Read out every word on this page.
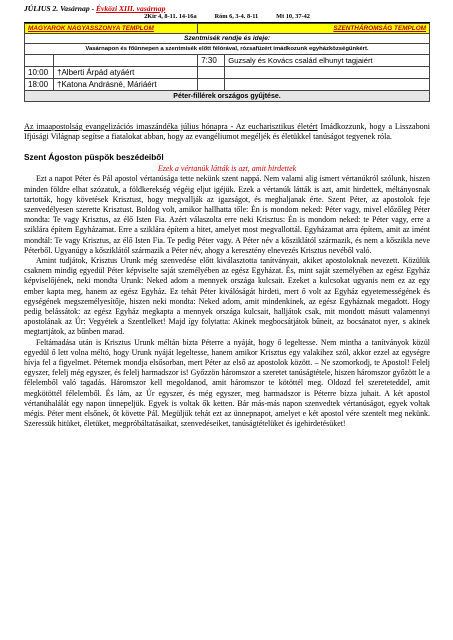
JÚLIUS 2. Vasárnap - Évközi XIII. vasárnap
2Kir 4, 8-11. 14-16a	Róm 6, 3-4. 8-11	Mt 10, 37-42
MAGYAROK NAGYASSZONYA TEMPLOM		SZENTHÁROMSÁG TEMPLOM	
Szentmisék rendje és ideje:			
Vasárnapon és főünnepen a szentmisék előtt félórával, rózsafüzért imádkozunk egyházközségünkért.			
		7:30	Guzsaly és Kovács család elhunyt tagjaiért
10:00	†Alberti Árpád atyáért		
18:00	†Katona Andrásné, Máriáért		
Péter-fillérek országos gyűjtése.			
Az imaapostolság evangelizációs imaszándéka július hónapra - Az eucharisztikus életért Imádkozzunk, hogy a Lisszaboni Ifjúsági Világnap segítse a fiatalokat abban, hogy az evangéliumot megéljék és életükkel tanúságot tegyenek róla.
Szent Ágoston püspök beszédeiből
Ezek a vértanúk látták is azt, amit hirdettek

Ezt a napot Péter és Pál apostol vértanúsága tette nekünk szent nappá. Nem valami alig ismert vértanúkról szólunk, hiszen minden földre elhat szózatuk, a földkerekség végéig eljut igéjük. Ezek a vértanúk látták is azt, amit hirdettek, méltányosnak tartották, hogy követések Krisztust, hogy megvallják az igazságot, és meghaljanak érte. Szent Péter, az apostolok feje szenvedélyesen szerette Krisztust. Boldog volt, amikor hallhatta tőle: Én is mondom neked: Péter vagy, mivel előzőleg Péter mondta: Te vagy Krisztus, az élő Isten Fia. Azért válaszolta erre neki Krisztus: Én is mondom neked: te Péter vagy, erre a sziklára építem Egyházamat. Erre a sziklára építem a hitet, amelyet most megvallottál. Egyházamat arra építem, amit az imént mondtál: Te vagy Krisztus, az élő Isten Fia. Te pedig Péter vagy. A Péter név a kősziklától származik, és nem a kőszikla neve Péterből. Ugyanúgy a kősziklától származik a Péter név, ahogy a keresztény elnevezés Krisztus nevéből való.

Amint tudjátok, Krisztus Urunk még szenvedése előtt kiválasztotta tanítványait, akiket apostoloknak nevezett. Közülük csaknem mindig egyedül Péter képviselte saját személyében az egész Egyházat. És, mint saját személyében az egész Egyház képviselőjének, neki mondta Urunk: Neked adom a mennyek országa kulcsait. Ezeket a kulcsokat ugyanis nem ez az egy ember kapta meg, hanem az egész Egyház. Ez tehát Péter kiválóságát hirdeti, mert ő volt az Egyház egyetemességének és egységének megszemélyesítője, hiszen neki mondta: Neked adom, amit mindenkinek, az egész Egyháznak megadott. Hogy pedig belássátok: az egész Egyház megkapta a mennyek országa kulcsait, halljátok csak, mit mondott másutt valamennyi apostolának az Úr: Vegyétek a Szentlelket! Majd így folytatta: Akinek megbocsátjátok bűneit, az bocsánatot nyer, s akinek megtartjátok, az bűnben marad.

Feltámadása után is Krisztus Urunk méltán bízta Péterre a nyáját, hogy ő legeltesse. Nem mintha a tanítványok közül egyedül ő lett volna méltó, hogy Urunk nyáját legeltesse, hanem amikor Krisztus egy valakihez szól, akkor ezzel az egységre hívja fel a figyelmet. Péternek mondja elsősorban, mert Péter az első az apostolok között. – Ne szomorkodj, te Apostol! Felelj egyszer, felelj még egyszer, és felelj harmadszor is! Győzzön háromszor a szeretet tanúságtétele, hiszen háromszor győzött le a félelemből való tagadás. Háromszor kell megoldanod, amit háromszor te kötöttél meg. Oldozd fel szereteteddel, amit megkötöttél félelemből. És lám, az Úr egyszer, és még egyszer, meg harmadszor is Péterre bízza juhait. A két apostol vértanúhalálát egy napon ünnepeljük. Egyek is voltak ők ketten. Bár más-más napon szenvedtek vértanúságot, egyek voltak mégis. Péter ment elsőnek, őt követte Pál. Megüljük tehát ezt az ünnepnapot, amelyet e két apostol vére szentelt meg nekünk. Szeressük hitüket, életüket, megpróbáltatásaikat, szenvedéseiket, tanúságtételüket és igehirdetésüket!
